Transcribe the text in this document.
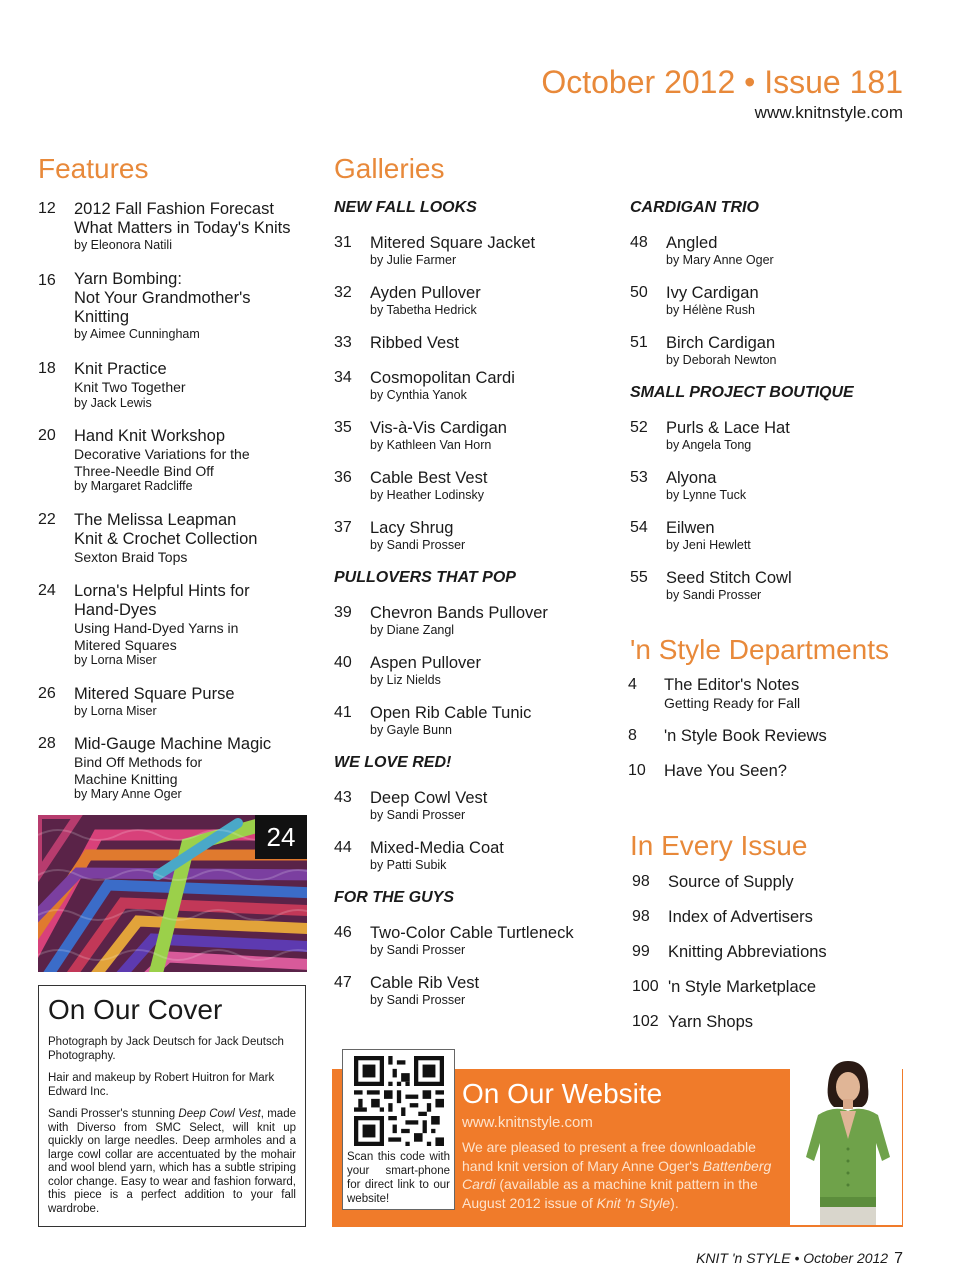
October 2012 • Issue 181
www.knitnstyle.com
Features
12 2012 Fall Fashion Forecast
What Matters in Today's Knits
by Eleonora Natili
16 Yarn Bombing:
Not Your Grandmother's
Knitting
by Aimee Cunningham
18 Knit Practice
Knit Two Together
by Jack Lewis
20 Hand Knit Workshop
Decorative Variations for the
Three-Needle Bind Off
by Margaret Radcliffe
22 The Melissa Leapman
Knit & Crochet Collection
Sexton Braid Tops
24 Lorna's Helpful Hints for
Hand-Dyes
Using Hand-Dyed Yarns in
Mitered Squares
by Lorna Miser
26 Mitered Square Purse
by Lorna Miser
28 Mid-Gauge Machine Magic
Bind Off Methods for
Machine Knitting
by Mary Anne Oger
24
On Our Cover

Photograph by Jack Deutsch for Jack Deutsch Photography.

Hair and makeup by Robert Huitron for Mark Edward Inc.

Sandi Prosser's stunning Deep Cowl Vest, made with Diverso from SMC Select, will knit up quickly on large needles. Deep armholes and a large cowl collar are accentuated by the mohair and wool blend yarn, which has a subtle striping color change. Easy to wear and fashion forward, this piece is a perfect addition to your fall wardrobe.

Galleries
NEW FALL LOOKS
31 Mitered Square Jacket
by Julie Farmer
32 Ayden Pullover
by Tabetha Hedrick
33 Ribbed Vest
34 Cosmopolitan Cardi
by Cynthia Yanok
35 Vis-à-Vis Cardigan
by Kathleen Van Horn
36 Cable Best Vest
by Heather Lodinsky
37 Lacy Shrug
by Sandi Prosser
PULLOVERS THAT POP
39 Chevron Bands Pullover
by Diane Zangl
40 Aspen Pullover
by Liz Nields
41 Open Rib Cable Tunic
by Gayle Bunn
WE LOVE RED!
43 Deep Cowl Vest
by Sandi Prosser
44 Mixed-Media Coat
by Patti Subik
FOR THE GUYS
46 Two-Color Cable Turtleneck
by Sandi Prosser
47 Cable Rib Vest
by Sandi Prosser
CARDIGAN TRIO
48 Angled
by Mary Anne Oger
50 Ivy Cardigan
by Hélène Rush
51 Birch Cardigan
by Deborah Newton
SMALL PROJECT BOUTIQUE
52 Purls & Lace Hat
by Angela Tong
53 Alyona
by Lynne Tuck
54 Eilwen
by Jeni Hewlett
55 Seed Stitch Cowl
by Sandi Prosser
'n Style Departments
4 The Editor's Notes
Getting Ready for Fall
8 'n Style Book Reviews
10 Have You Seen?
In Every Issue
98 Source of Supply
98 Index of Advertisers
99 Knitting Abbreviations
100 'n Style Marketplace
102 Yarn Shops
Scan this code with your smart-phone for direct link to our website!
On Our Website
www.knitnstyle.com
We are pleased to present a free downloadable hand knit version of Mary Anne Oger's Battenberg Cardi (available as a machine knit pattern in the August 2012 issue of Knit 'n Style).
KNIT 'n STYLE • October 2012 7
